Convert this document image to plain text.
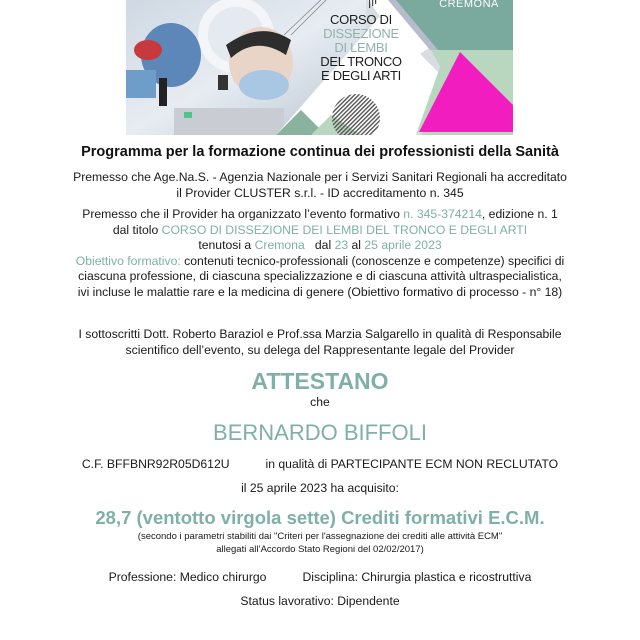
CREMONA
CORSO DI
DISSEZIONE
DI LEMBI
DEL TRONCO
E DEGLI ARTI

Programma per la formazione continua dei professionisti della Sanità

Premesso che Age.Na.S. - Agenzia Nazionale per i Servizi Sanitari Regionali ha accreditato

il Provider CLUSTER s.r.l. - ID accreditamento n. 345

Premesso che il Provider ha organizzato l’evento formativo n. 345-374214, edizione n. 1

dal titolo CORSO DI DISSEZIONE DEI LEMBI DEL TRONCO E DEGLI ARTI

tenutosi a Cremona dal 23 al 25 aprile 2023

Obiettivo formativo: contenuti tecnico-professionali (conoscenze e competenze) specifici di

ciascuna professione, di ciascuna specializzazione e di ciascuna attività ultraspecialistica,

ivi incluse le malattie rare e la medicina di genere (Obiettivo formativo di processo - n° 18)

I sottoscritti Dott. Roberto Baraziol e Prof.ssa Marzia Salgarello in qualità di Responsabile

scientifico dell’evento, su delega del Rappresentante legale del Provider

ATTESTANO

che

BERNARDO BIFFOLI

C.F. BFFBNR92R05D612U	in qualità di PARTECIPANTE ECM NON RECLUTATO

il 25 aprile 2023 ha acquisito:

28,7 (ventotto virgola sette) Crediti formativi E.C.M.

(secondo i parametri stabiliti dai "Criteri per l'assegnazione dei crediti alle attività ECM"

allegati all’Accordo Stato Regioni del 02/02/2017)

Professione: Medico chirurgo	Disciplina: Chirurgia plastica e ricostruttiva

Status lavorativo: Dipendente
